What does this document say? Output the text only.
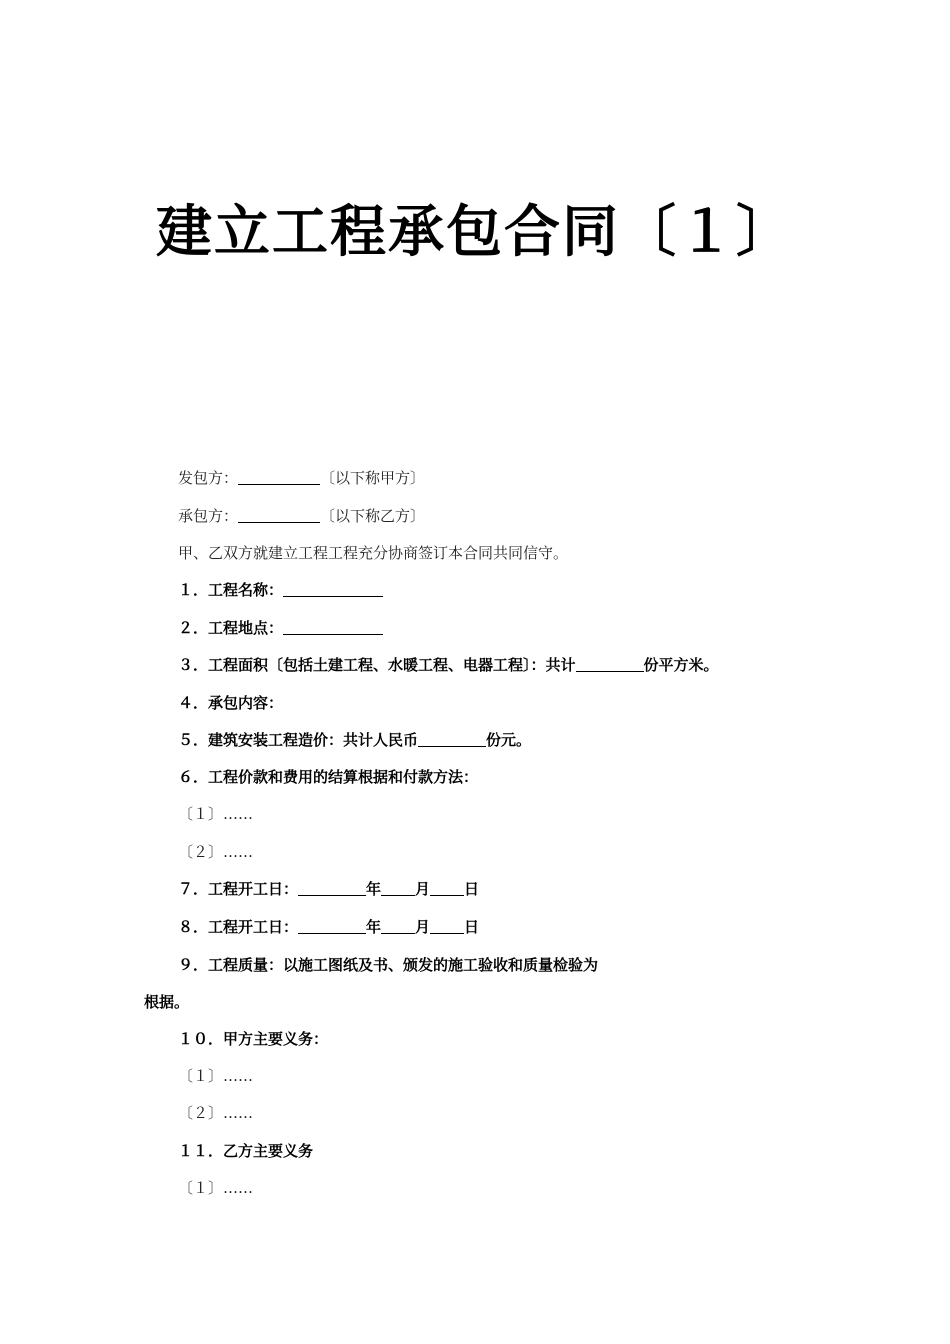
建立工程承包合同〔１〕
发包方：	〔以下称甲方〕
承包方：	〔以下称乙方〕
甲、乙双方就建立工程工程充分协商签订本合同共同信守。
１．工程名称：
２．工程地点：
３．工程面积〔包括土建工程、水暖工程、电器工程〕：共计	份平方米。
４．承包内容：
５．建筑安装工程造价：共计人民币	份元。
６．工程价款和费用的结算根据和付款方法：
〔１〕……
〔２〕……
７．工程开工日：	年 月 日
８．工程开工日：	年 月 日
９．工程质量：以施工图纸及书、颁发的施工验收和质量检验为
根据。
１０．甲方主要义务：
〔１〕……
〔２〕……
１１．乙方主要义务
〔１〕……
